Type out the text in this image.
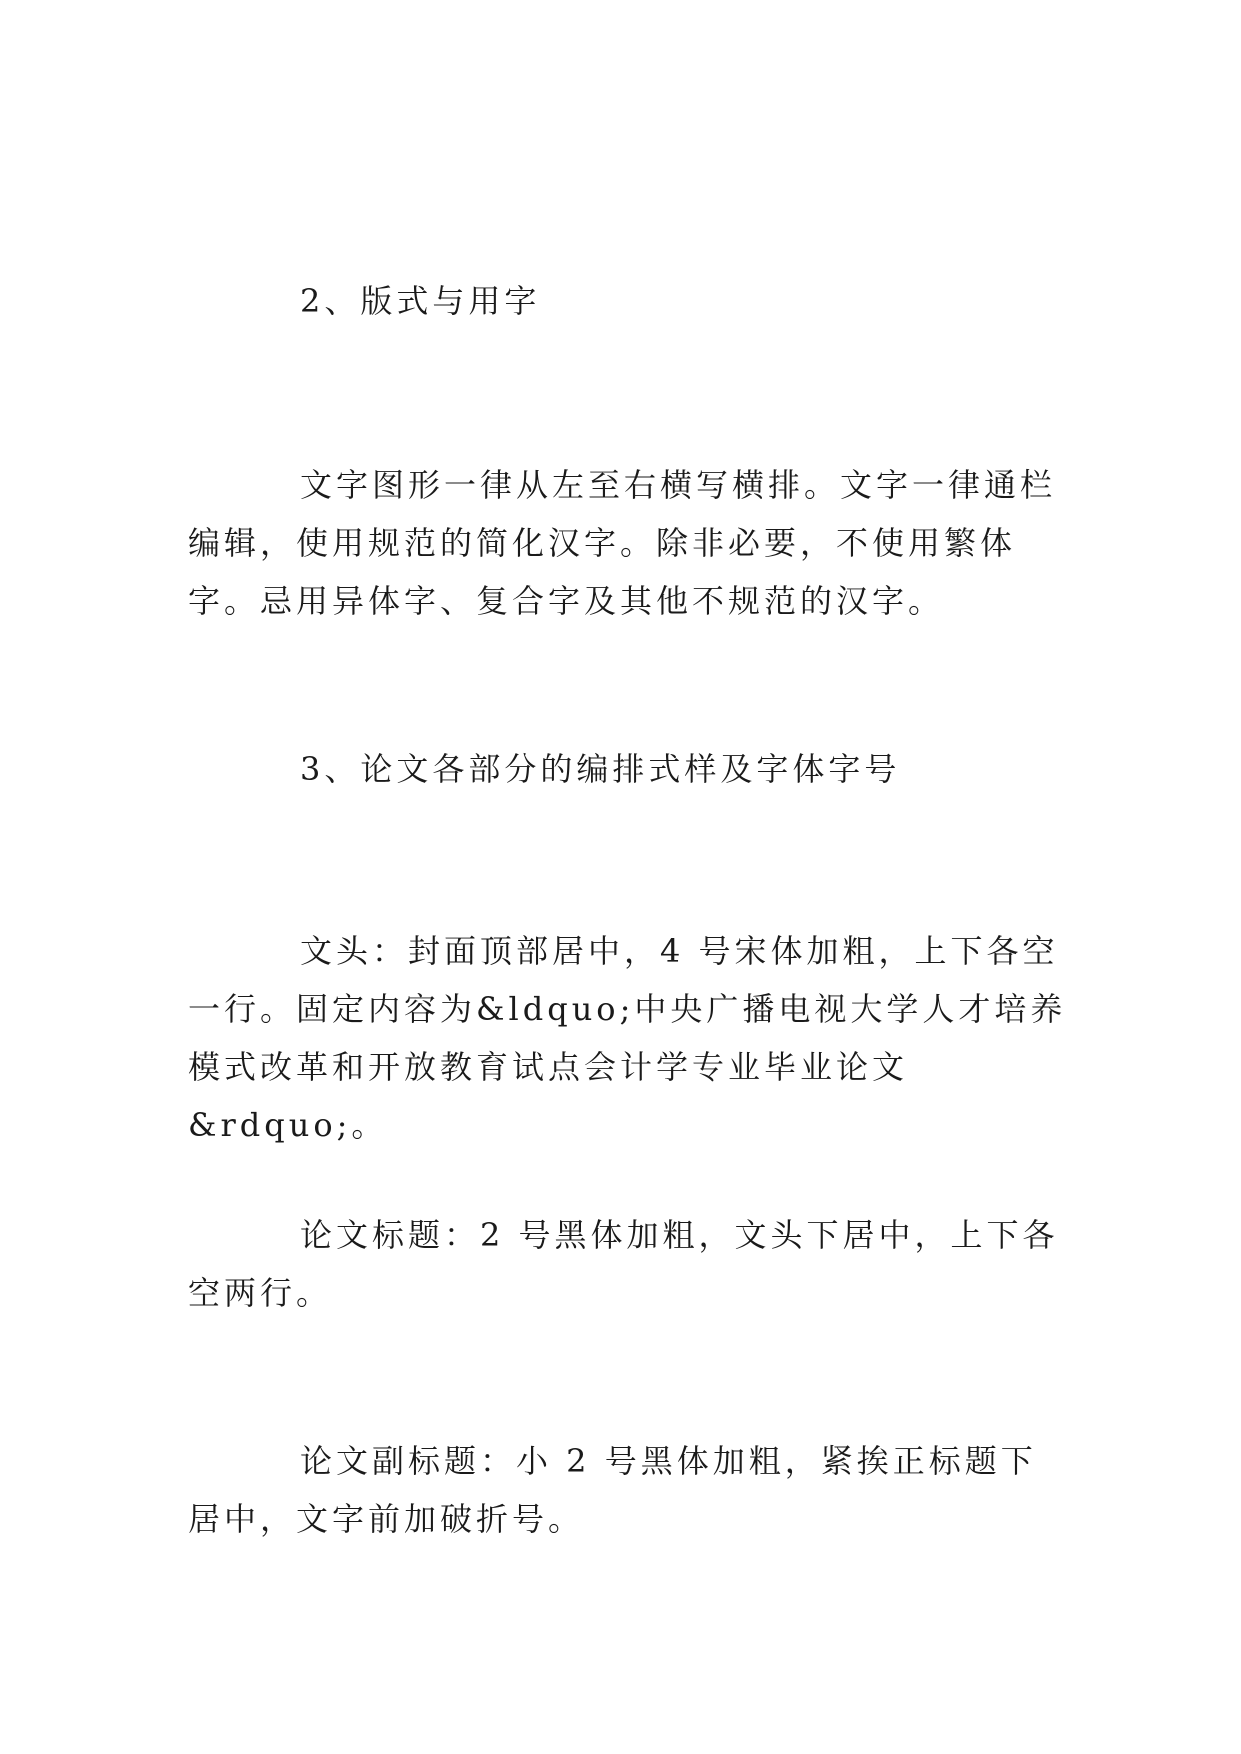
2、版式与用字

文字图形一律从左至右横写横排。文字一律通栏编辑，使用规范的简化汉字。除非必要，不使用繁体字。忌用异体字、复合字及其他不规范的汉字。

3、论文各部分的编排式样及字体字号

文头：封面顶部居中，4 号宋体加粗，上下各空一行。固定内容为&ldquo;中央广播电视大学人才培养模式改革和开放教育试点会计学专业毕业论文&rdquo;。

论文标题：2 号黑体加粗，文头下居中，上下各空两行。

论文副标题：小 2 号黑体加粗，紧挨正标题下居中，文字前加破折号。
